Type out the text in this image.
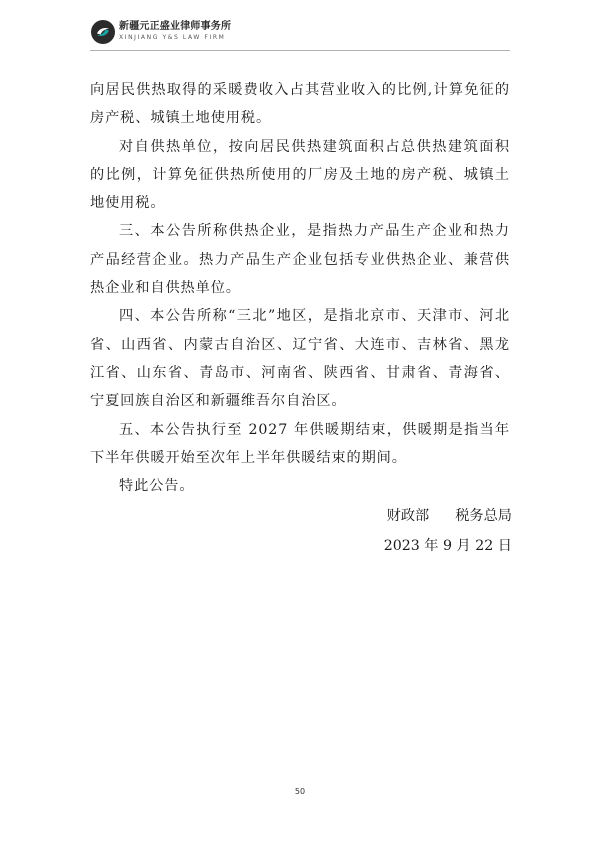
新疆元正盛业律师事务所
XINJIANG Y&S LAW FIRM

向居民供热取得的采暖费收入占其营业收入的比例,计算免征的房产税、城镇土地使用税。

对自供热单位，按向居民供热建筑面积占总供热建筑面积的比例，计算免征供热所使用的厂房及土地的房产税、城镇土地使用税。

三、本公告所称供热企业，是指热力产品生产企业和热力产品经营企业。热力产品生产企业包括专业供热企业、兼营供热企业和自供热单位。

四、本公告所称“三北”地区，是指北京市、天津市、河北省、山西省、内蒙古自治区、辽宁省、大连市、吉林省、黑龙江省、山东省、青岛市、河南省、陕西省、甘肃省、青海省、宁夏回族自治区和新疆维吾尔自治区。

五、本公告执行至 2027 年供暖期结束，供暖期是指当年下半年供暖开始至次年上半年供暖结束的期间。

特此公告。

财政部 税务总局
2023 年 9 月 22 日
50
